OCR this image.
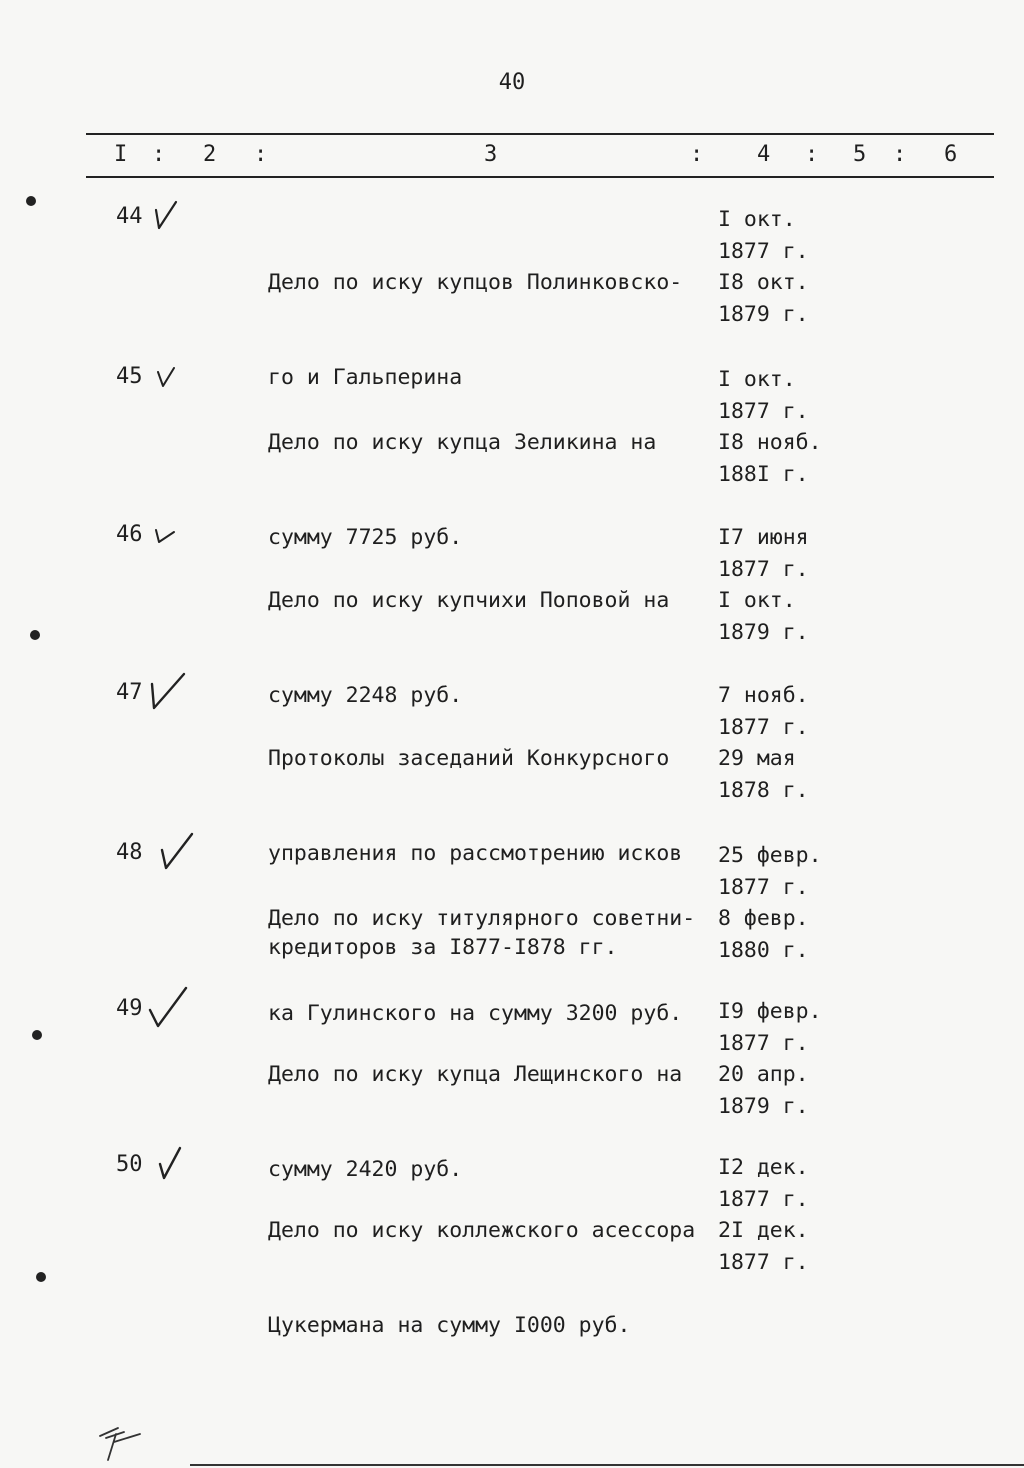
40
I : 2 :	3	: 4 : 5 : 6
44

Дело по иску купцов Полинковско-

го и Гальперина

I окт.
1877 г.
I8 окт.
1879 г.
45

Дело по иску купца Зеликина на

сумму 7725 руб.

I окт.
1877 г.
I8 нояб.
188I г.
46

Дело по иску купчихи Поповой на

сумму 2248 руб.

I7 июня
1877 г.
I окт.
1879 г.
47

Протоколы заседаний Конкурсного

управления по рассмотрению исков

кредиторов за I877-I878 гг.

7 нояб.
1877 г.
29 мая
1878 г.
48

Дело по иску титулярного советни-

ка Гулинского на сумму 3200 руб.

25 февр.
1877 г.
8 февр.
1880 г.
49

Дело по иску купца Лещинского на

сумму 2420 руб.

I9 февр.
1877 г.
20 апр.
1879 г.
50

Дело по иску коллежского асессора

Цукермана на сумму I000 руб.

I2 дек.
1877 г.
2I дек.
1877 г.
